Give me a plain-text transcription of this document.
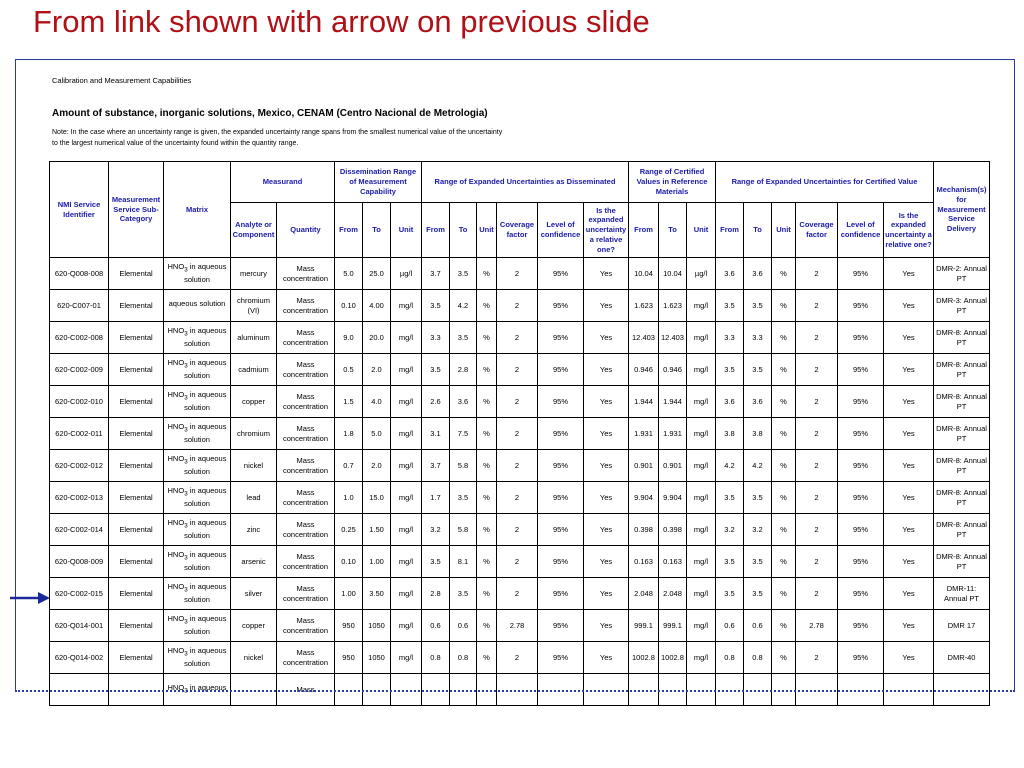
From link shown with arrow on previous slide
Calibration and Measurement Capabilities
Amount of substance, inorganic solutions, Mexico, CENAM (Centro Nacional de Metrologia)
Note: In the case where an uncertainty range is given, the expanded uncertainty range spans from the smallest numerical value of the uncertainty
to the largest numerical value of the uncertainty found within the quantity range.
NMI Service Identifier	Measurement Service Sub-Category	Matrix	Measurand		Dissemination Range of Measurement Capability			Range of Expanded Uncertainties as Disseminated						Range of Certified Values in Reference Materials			Range of Expanded Uncertainties for Certified Value						Mechanism(s) for Measurement Service Delivery
			Analyte or Component	Quantity	From	To	Unit	From	To	Unit	Coverage factor	Level of confidence	Is the expanded uncertainty a relative one?	From	To	Unit	From	To	Unit	Coverage factor	Level of confidence	Is the expanded uncertainty a relative one?	
620-Q008-008	Elemental	$HNO_3$ in aqueous solution	mercury	Mass concentration	5.0	25.0	µg/l	3.7	3.5	%	2	95%	Yes	10.04	10.04	µg/l	3.6	3.6	%	2	95%	Yes	DMR-2: Annual PT
620-C007-01	Elemental	aqueous solution	chromium (VI)	Mass concentration	0.10	4.00	mg/l	3.5	4.2	%	2	95%	Yes	1.623	1.623	mg/l	3.5	3.5	%	2	95%	Yes	DMR-3: Annual PT
620-C002-008	Elemental	$HNO_3$ in aqueous solution	aluminum	Mass concentration	9.0	20.0	mg/l	3.3	3.5	%	2	95%	Yes	12.403	12.403	mg/l	3.3	3.3	%	2	95%	Yes	DMR-8: Annual PT
620-C002-009	Elemental	$HNO_3$ in aqueous solution	cadmium	Mass concentration	0.5	2.0	mg/l	3.5	2.8	%	2	95%	Yes	0.946	0.946	mg/l	3.5	3.5	%	2	95%	Yes	DMR-8: Annual PT
620-C002-010	Elemental	$HNO_3$ in aqueous solution	copper	Mass concentration	1.5	4.0	mg/l	2.6	3.6	%	2	95%	Yes	1.944	1.944	mg/l	3.6	3.6	%	2	95%	Yes	DMR-8: Annual PT
620-C002-011	Elemental	$HNO_3$ in aqueous solution	chromium	Mass concentration	1.8	5.0	mg/l	3.1	7.5	%	2	95%	Yes	1.931	1.931	mg/l	3.8	3.8	%	2	95%	Yes	DMR-8: Annual PT
620-C002-012	Elemental	$HNO_3$ in aqueous solution	nickel	Mass concentration	0.7	2.0	mg/l	3.7	5.8	%	2	95%	Yes	0.901	0.901	mg/l	4.2	4.2	%	2	95%	Yes	DMR-8: Annual PT
620-C002-013	Elemental	$HNO_3$ in aqueous solution	lead	Mass concentration	1.0	15.0	mg/l	1.7	3.5	%	2	95%	Yes	9.904	9.904	mg/l	3.5	3.5	%	2	95%	Yes	DMR-8: Annual PT
620-C002-014	Elemental	$HNO_3$ in aqueous solution	zinc	Mass concentration	0.25	1.50	mg/l	3.2	5.8	%	2	95%	Yes	0.398	0.398	mg/l	3.2	3.2	%	2	95%	Yes	DMR-8: Annual PT
620-Q008-009	Elemental	$HNO_3$ in aqueous solution	arsenic	Mass concentration	0.10	1.00	mg/l	3.5	8.1	%	2	95%	Yes	0.163	0.163	mg/l	3.5	3.5	%	2	95%	Yes	DMR-8: Annual PT
620-C002-015	Elemental	$HNO_3$ in aqueous solution	silver	Mass concentration	1.00	3.50	mg/l	2.8	3.5	%	2	95%	Yes	2.048	2.048	mg/l	3.5	3.5	%	2	95%	Yes	DMR-11: Annual PT
620-Q014-001	Elemental	$HNO_3$ in aqueous solution	copper	Mass concentration	950	1050	mg/l	0.6	0.6	%	2.78	95%	Yes	999.1	999.1	mg/l	0.6	0.6	%	2.78	95%	Yes	DMR 17
620-Q014-002	Elemental	$HNO_3$ in aqueous solution	nickel	Mass concentration	950	1050	mg/l	0.8	0.8	%	2	95%	Yes	1002.8	1002.8	mg/l	0.8	0.8	%	2	95%	Yes	DMR-40
		$HNO_3$ in aqueous		Mass																			
